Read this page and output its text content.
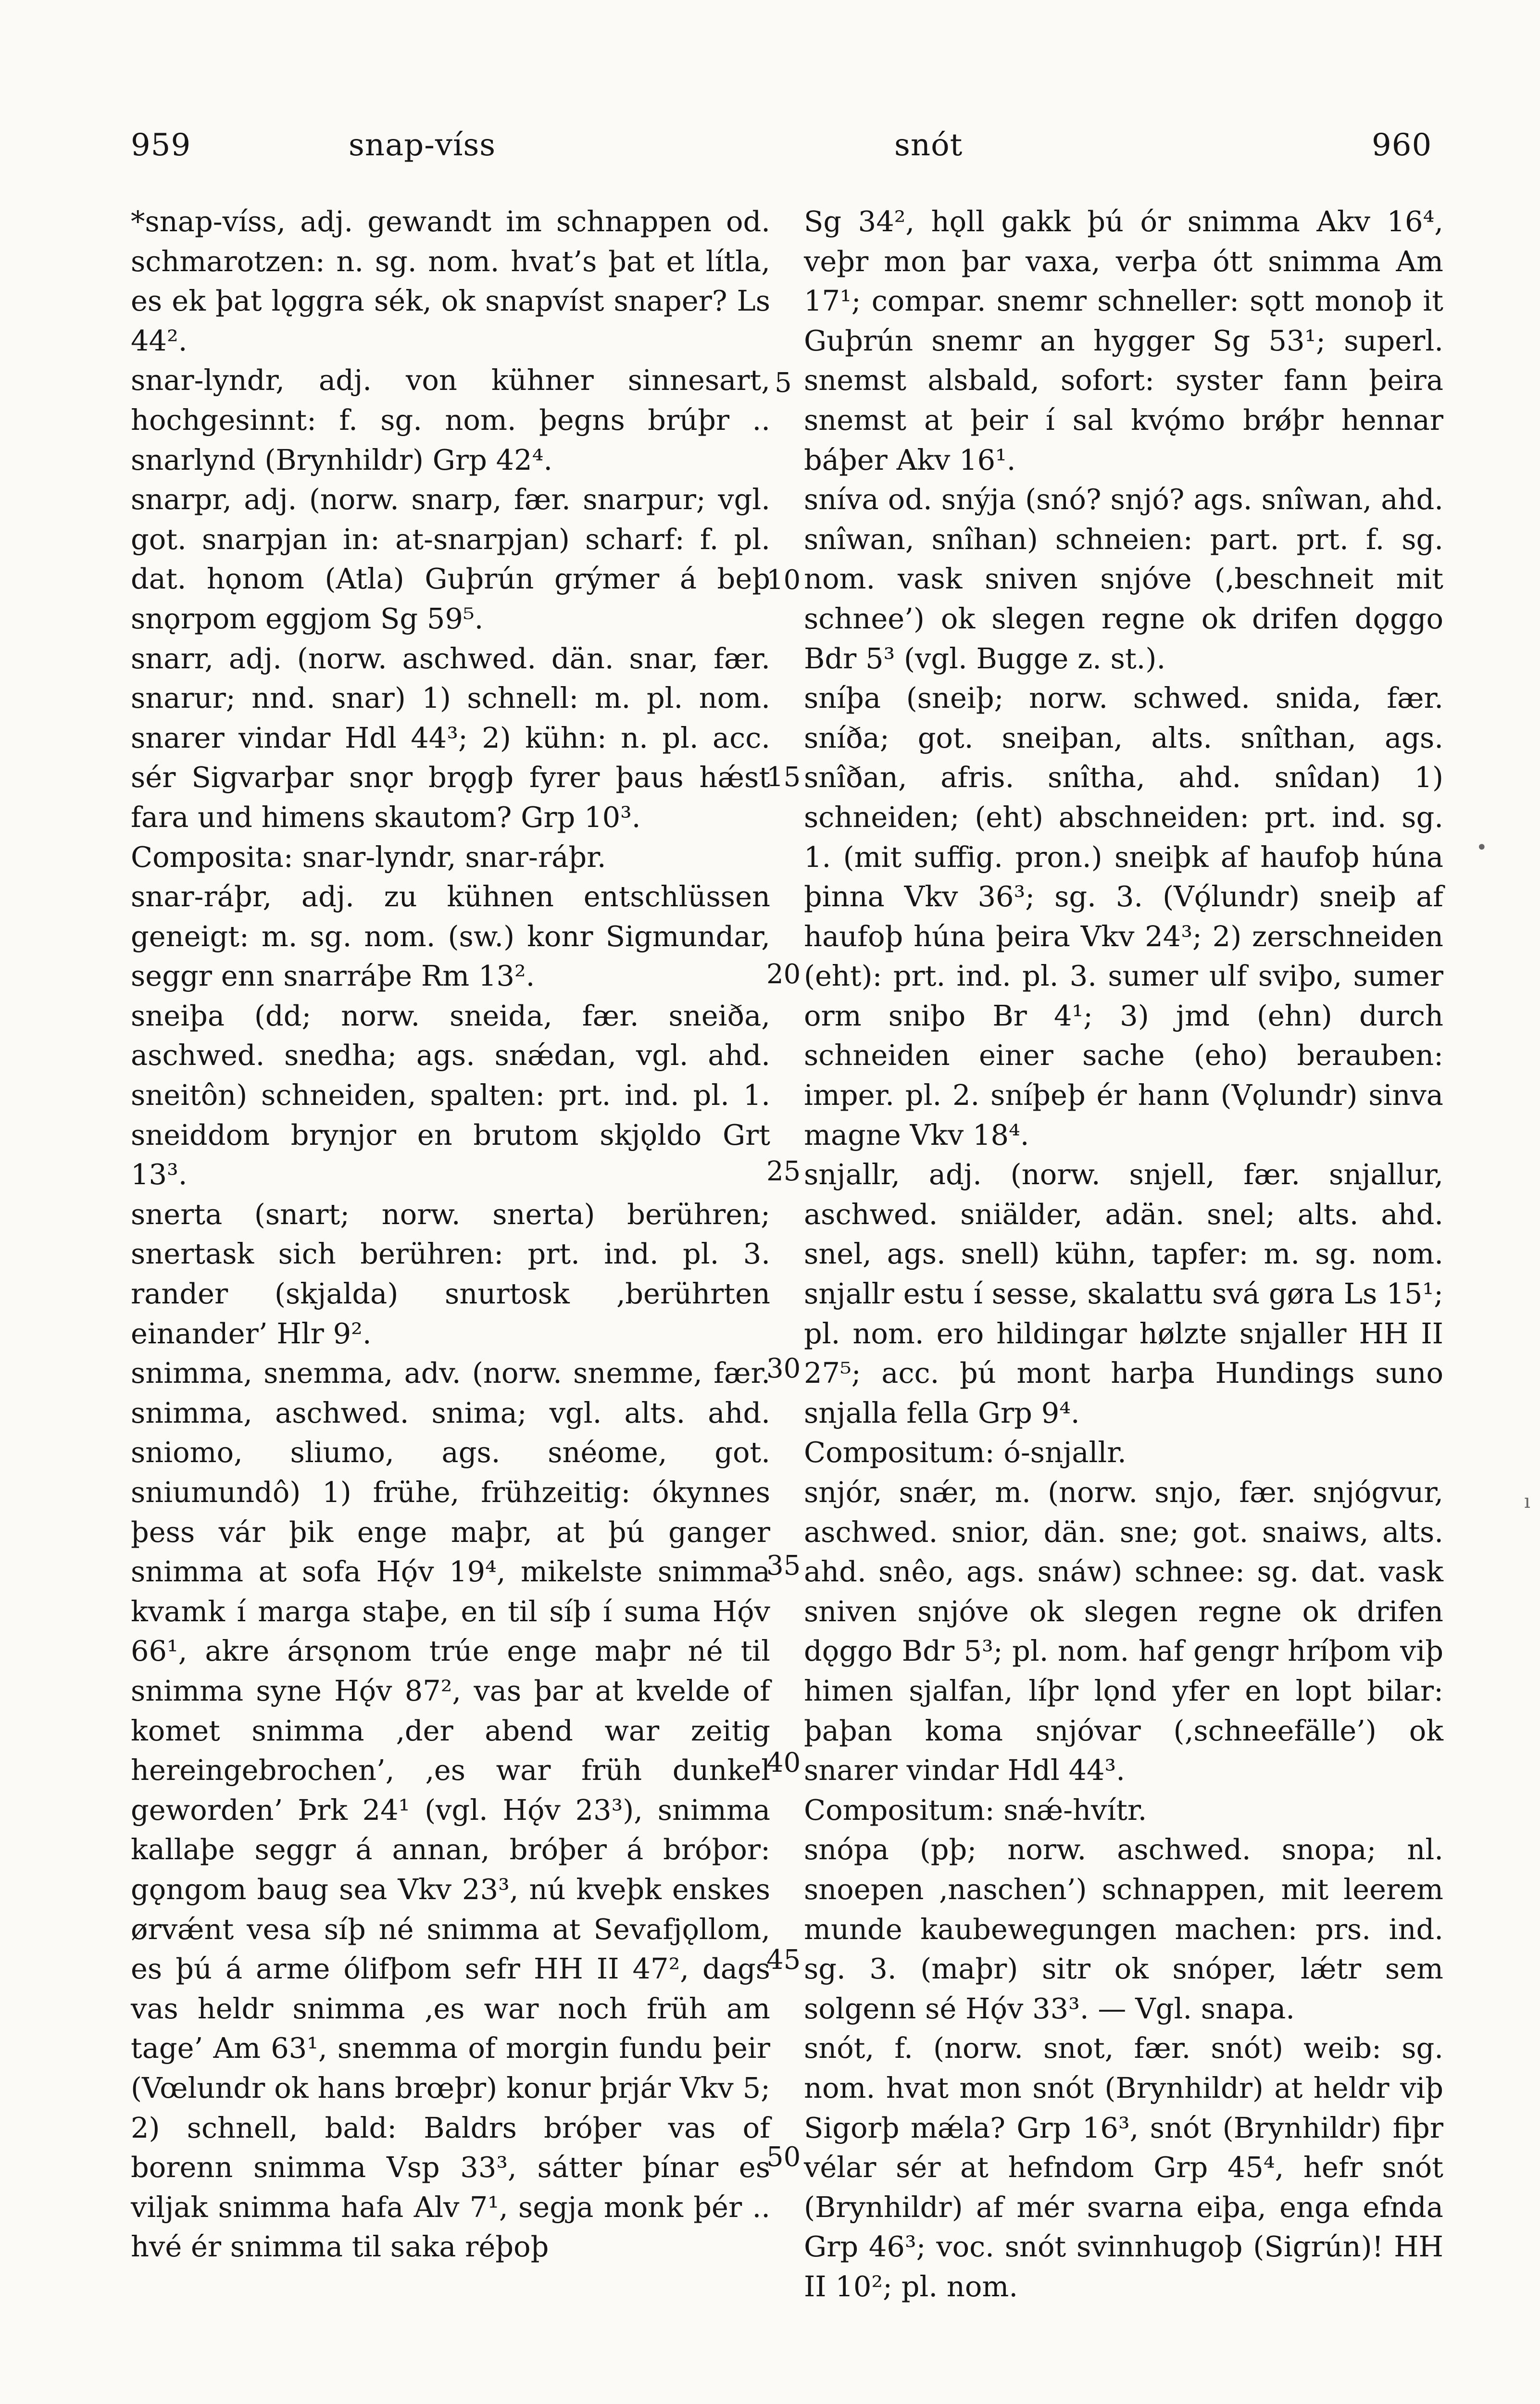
959	snap-víss	snót	960

*snap-víss, adj. gewandt im schnappen od. schmarotzen: n. sg. nom. hvat’s þat et lítla, es ek þat lǫggra sék, ok snapvíst snaper? Ls 44².

snar-lyndr, adj. von kühner sinnesart, hochgesinnt: f. sg. nom. þegns brúþr .. snarlynd (Brynhildr) Grp 42⁴.

snarpr, adj. (norw. snarp, fær. snarpur; vgl. got. snarpjan in: at-snarpjan) scharf: f. pl. dat. hǫnom (Atla) Guþrún grýmer á beþ snǫrpom eggjom Sg 59⁵.

snarr, adj. (norw. aschwed. dän. snar, fær. snarur; nnd. snar) 1) schnell: m. pl. nom. snarer vindar Hdl 44³; 2) kühn: n. pl. acc. sér Sigvarþar snǫr brǫgþ fyrer þaus hǽst fara und himens skautom? Grp 10³.

Composita: snar-lyndr, snar-ráþr.

snar-ráþr, adj. zu kühnen entschlüssen geneigt: m. sg. nom. (sw.) konr Sigmundar, seggr enn snarráþe Rm 13².

sneiþa (dd; norw. sneida, fær. sneiða, aschwed. snedha; ags. snǽdan, vgl. ahd. sneitôn) schneiden, spalten: prt. ind. pl. 1. sneiddom brynjor en brutom skjǫldo Grt 13³.

snerta (snart; norw. snerta) berühren; snertask sich berühren: prt. ind. pl. 3. rander (skjalda) snurtosk ‚berührten einander’ Hlr 9².

snimma, snemma, adv. (norw. snemme, fær. snimma, aschwed. snima; vgl. alts. ahd. sniomo, sliumo, ags. snéome, got. sniumundô) 1) frühe, frühzeitig: ókynnes þess vár þik enge maþr, at þú ganger snimma at sofa Hǫ́v 19⁴, mikelste snimma kvamk í marga staþe, en til síþ í suma Hǫ́v 66¹, akre ársǫnom trúe enge maþr né til snimma syne Hǫ́v 87², vas þar at kvelde of komet snimma ‚der abend war zeitig hereingebrochen’, ‚es war früh dunkel geworden’ Þrk 24¹ (vgl. Hǫ́v 23³), snimma kallaþe seggr á annan, bróþer á bróþor: gǫngom baug sea Vkv 23³, nú kveþk enskes ørvǽnt vesa síþ né snimma at Sevafjǫllom, es þú á arme ólifþom sefr HH II 47², dags vas heldr snimma ‚es war noch früh am tage’ Am 63¹, snemma of morgin fundu þeir (Vœlundr ok hans brœþr) konur þrjár Vkv 5; 2) schnell, bald: Baldrs bróþer vas of borenn snimma Vsp 33³, sátter þínar es viljak snimma hafa Alv 7¹, segja monk þér .. hvé ér snimma til saka réþoþ

Sg 34², hǫll gakk þú ór snimma Akv 16⁴, veþr mon þar vaxa, verþa ótt snimma Am 17¹; compar. snemr schneller: sǫtt monoþ it Guþrún snemr an hygger Sg 53¹; superl. snemst alsbald, sofort: syster fann þeira snemst at þeir í sal kvǫ́mo brǿþr hennar báþer Akv 16¹.

sníva od. snýja (snó? snjó? ags. snîwan, ahd. snîwan, snîhan) schneien: part. prt. f. sg. nom. vask sniven snjóve (‚beschneit mit schnee’) ok slegen regne ok drifen dǫggo Bdr 5³ (vgl. Bugge z. st.).

sníþa (sneiþ; norw. schwed. snida, fær. sníða; got. sneiþan, alts. snîthan, ags. snîðan, afris. snîtha, ahd. snîdan) 1) schneiden; (eht) abschneiden: prt. ind. sg. 1. (mit suffig. pron.) sneiþk af haufoþ húna þinna Vkv 36³; sg. 3. (Vǫ́lundr) sneiþ af haufoþ húna þeira Vkv 24³; 2) zerschneiden (eht): prt. ind. pl. 3. sumer ulf sviþo, sumer orm sniþo Br 4¹; 3) jmd (ehn) durch schneiden einer sache (eho) berauben: imper. pl. 2. sníþeþ ér hann (Vǫlundr) sinva magne Vkv 18⁴.

snjallr, adj. (norw. snjell, fær. snjallur, aschwed. sniälder, adän. snel; alts. ahd. snel, ags. snell) kühn, tapfer: m. sg. nom. snjallr estu í sesse, skalattu svá gøra Ls 15¹; pl. nom. ero hildingar hølzte snjaller HH II 27⁵; acc. þú mont harþa Hundings suno snjalla fella Grp 9⁴.

Compositum: ó-snjallr.

snjór, snǽr, m. (norw. snjo, fær. snjógvur, aschwed. snior, dän. sne; got. snaiws, alts. ahd. snêo, ags. snáw) schnee: sg. dat. vask sniven snjóve ok slegen regne ok drifen dǫggo Bdr 5³; pl. nom. haf gengr hríþom viþ himen sjalfan, líþr lǫnd yfer en lopt bilar: þaþan koma snjóvar (‚schneefälle’) ok snarer vindar Hdl 44³.

Compositum: snǽ-hvítr.

snópa (pþ; norw. aschwed. snopa; nl. snoepen ‚naschen’) schnappen, mit leerem munde kaubewegungen machen: prs. ind. sg. 3. (maþr) sitr ok snóper, lǽtr sem solgenn sé Hǫ́v 33³. — Vgl. snapa.

snót, f. (norw. snot, fær. snót) weib: sg. nom. hvat mon snót (Brynhildr) at heldr viþ Sigorþ mǽla? Grp 16³, snót (Brynhildr) fiþr vélar sér at hefndom Grp 45⁴, hefr snót (Brynhildr) af mér svarna eiþa, enga efnda Grp 46³; voc. snót svinnhugoþ (Sigrún)! HH II 10²; pl. nom.

5
10
15
20
25
30
35
40
45
50
•
ı
